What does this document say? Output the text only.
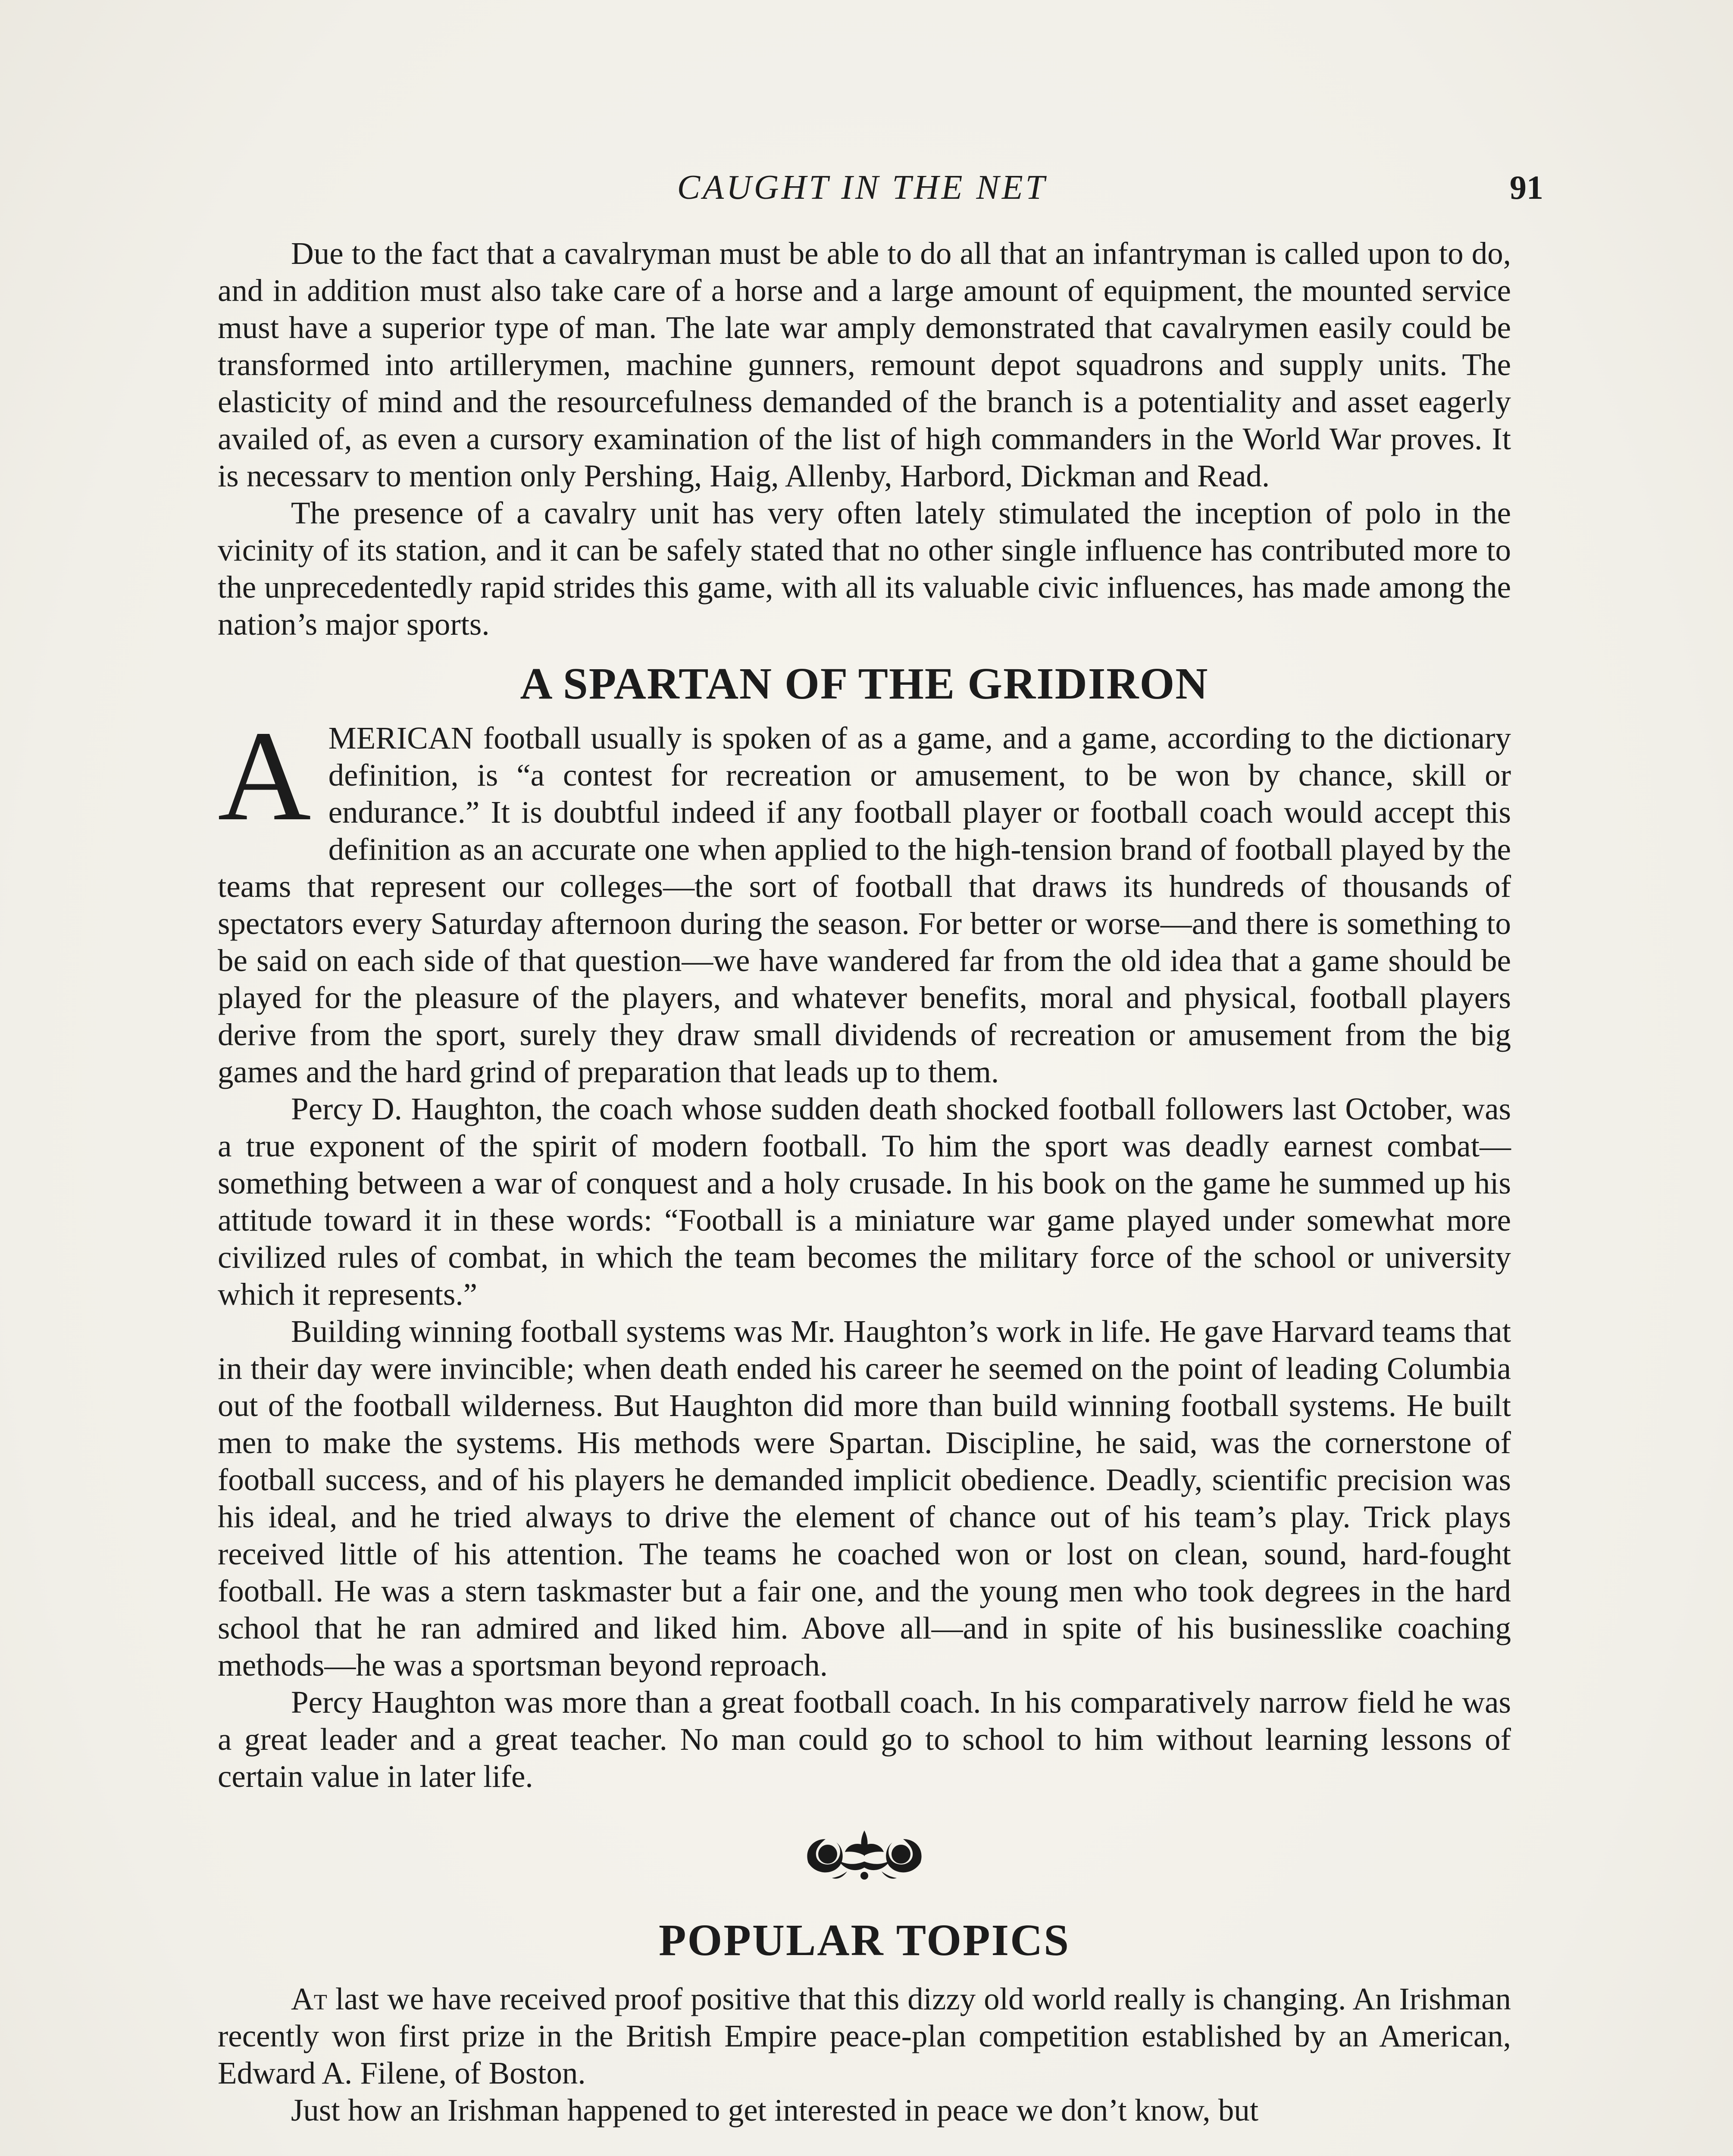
CAUGHT IN THE NET	91

Due to the fact that a cavalryman must be able to do all that an infantryman is called upon to do, and in addition must also take care of a horse and a large amount of equipment, the mounted service must have a superior type of man. The late war amply demonstrated that cavalrymen easily could be transformed into artillerymen, machine gunners, remount depot squadrons and supply units. The elasticity of mind and the resourcefulness demanded of the branch is a potentiality and asset eagerly availed of, as even a cursory examination of the list of high commanders in the World War proves. It is necessarv to mention only Pershing, Haig, Allenby, Harbord, Dickman and Read.

The presence of a cavalry unit has very often lately stimulated the inception of polo in the vicinity of its station, and it can be safely stated that no other single influence has contributed more to the unprecedentedly rapid strides this game, with all its valuable civic influences, has made among the nation’s major sports.

A SPARTAN OF THE GRIDIRON

AMERICAN football usually is spoken of as a game, and a game, according to the dictionary definition, is “a contest for recreation or amusement, to be won by chance, skill or endurance.” It is doubtful indeed if any football player or football coach would accept this definition as an accurate one when applied to the high-tension brand of football played by the teams that represent our colleges—the sort of football that draws its hundreds of thousands of spectators every Saturday afternoon during the season. For better or worse—and there is something to be said on each side of that question—we have wandered far from the old idea that a game should be played for the pleasure of the players, and whatever benefits, moral and physical, football players derive from the sport, surely they draw small dividends of recreation or amusement from the big games and the hard grind of preparation that leads up to them.

Percy D. Haughton, the coach whose sudden death shocked football followers last October, was a true exponent of the spirit of modern football. To him the sport was deadly earnest combat—something between a war of conquest and a holy crusade. In his book on the game he summed up his attitude toward it in these words: “Football is a miniature war game played under somewhat more civilized rules of combat, in which the team becomes the military force of the school or university which it represents.”

Building winning football systems was Mr. Haughton’s work in life. He gave Harvard teams that in their day were invincible; when death ended his career he seemed on the point of leading Columbia out of the football wilderness. But Haughton did more than build winning football systems. He built men to make the systems. His methods were Spartan. Discipline, he said, was the cornerstone of football success, and of his players he demanded implicit obedience. Deadly, scientific precision was his ideal, and he tried always to drive the element of chance out of his team’s play. Trick plays received little of his attention. The teams he coached won or lost on clean, sound, hard-fought football. He was a stern taskmaster but a fair one, and the young men who took degrees in the hard school that he ran admired and liked him. Above all—and in spite of his businesslike coaching methods—he was a sportsman beyond reproach.

Percy Haughton was more than a great football coach. In his comparatively narrow field he was a great leader and a great teacher. No man could go to school to him without learning lessons of certain value in later life.

POPULAR TOPICS

At last we have received proof positive that this dizzy old world really is changing. An Irishman recently won first prize in the British Empire peace-plan competition established by an American, Edward A. Filene, of Boston.

Just how an Irishman happened to get interested in peace we don’t know, but
